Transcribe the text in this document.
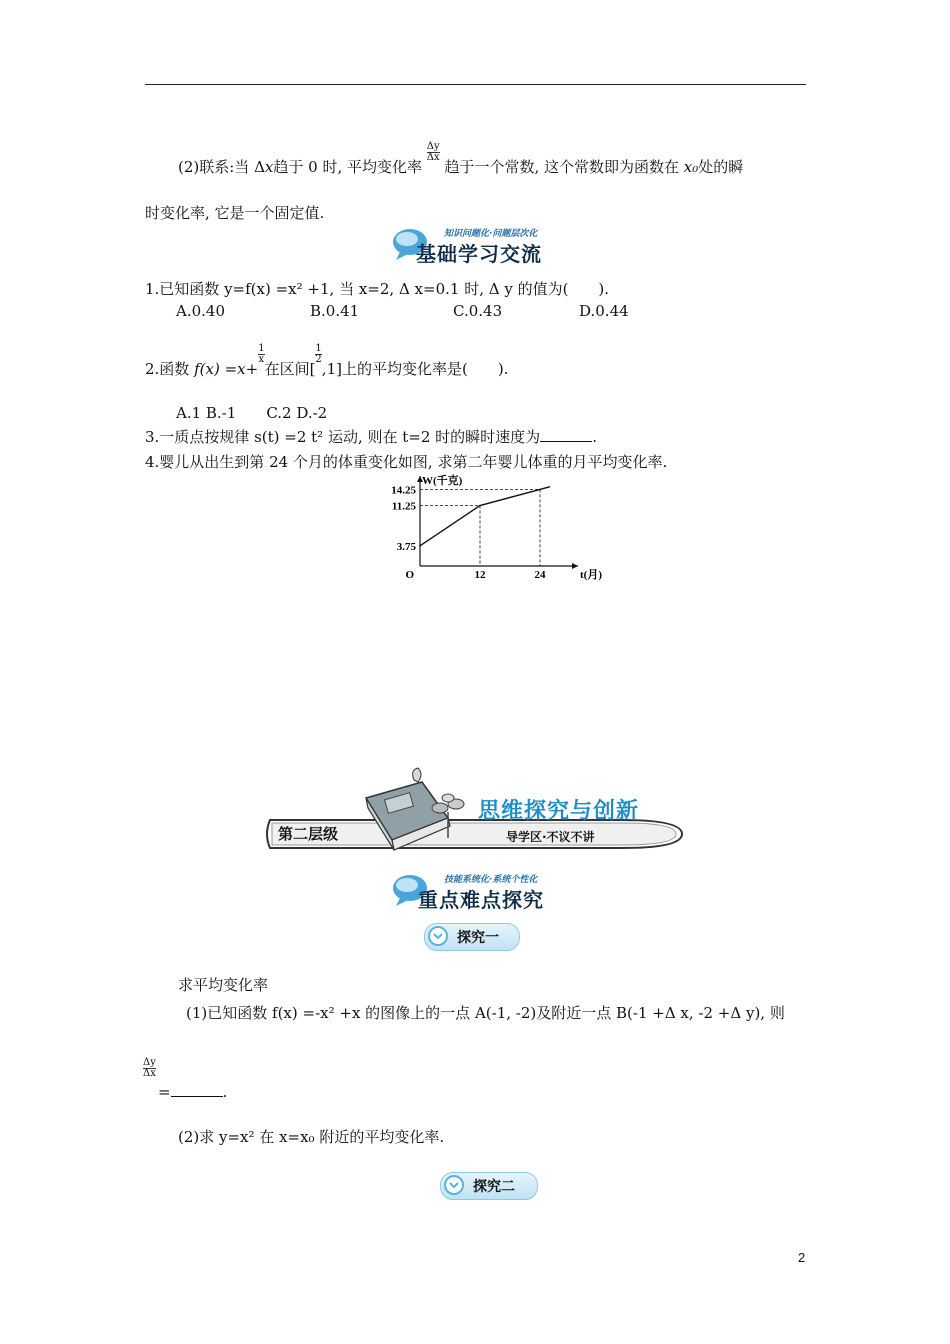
(2)联系:当 Δx趋于 0 时, 平均变化率 $\frac{\Delta y}{\Delta x}$ 趋于一个常数, 这个常数即为函数在 x₀处的瞬
时变化率, 它是一个固定值.
知识问题化·问题层次化
基础学习交流
1.已知函数 y=f(x) =x² +1, 当 x=2, Δ x=0.1 时, Δ y 的值为(　　).
A.0.40	B.0.41	C.0.43	D.0.44
2.函数 $f(x) =x+\frac{1}{x}$在区间$[\frac{1}{2},1]$上的平均变化率是(　　).
A.1 B.-1　　C.2 D.-2
3.一质点按规律 s(t) =2 t² 运动, 则在 t=2 时的瞬时速度为	.
4.婴儿从出生到第 24 个月的体重变化如图, 求第二年婴儿体重的月平均变化率.
W(千克)
t(月)
O	12	24
3.75
11.25
14.25
第二层级
思维探究与创新
导学区·不议不讲
技能系统化·系统个性化
重点难点探究
探究一
求平均变化率
(1)已知函数 f(x) =-x² +x 的图像上的一点 A(-1, -2)及附近一点 B(-1 +Δ x, -2 +Δ y), 则
$\frac{\Delta y}{\Delta x}$
=	.
(2)求 y=x² 在 x=x₀ 附近的平均变化率.
探究二
2
